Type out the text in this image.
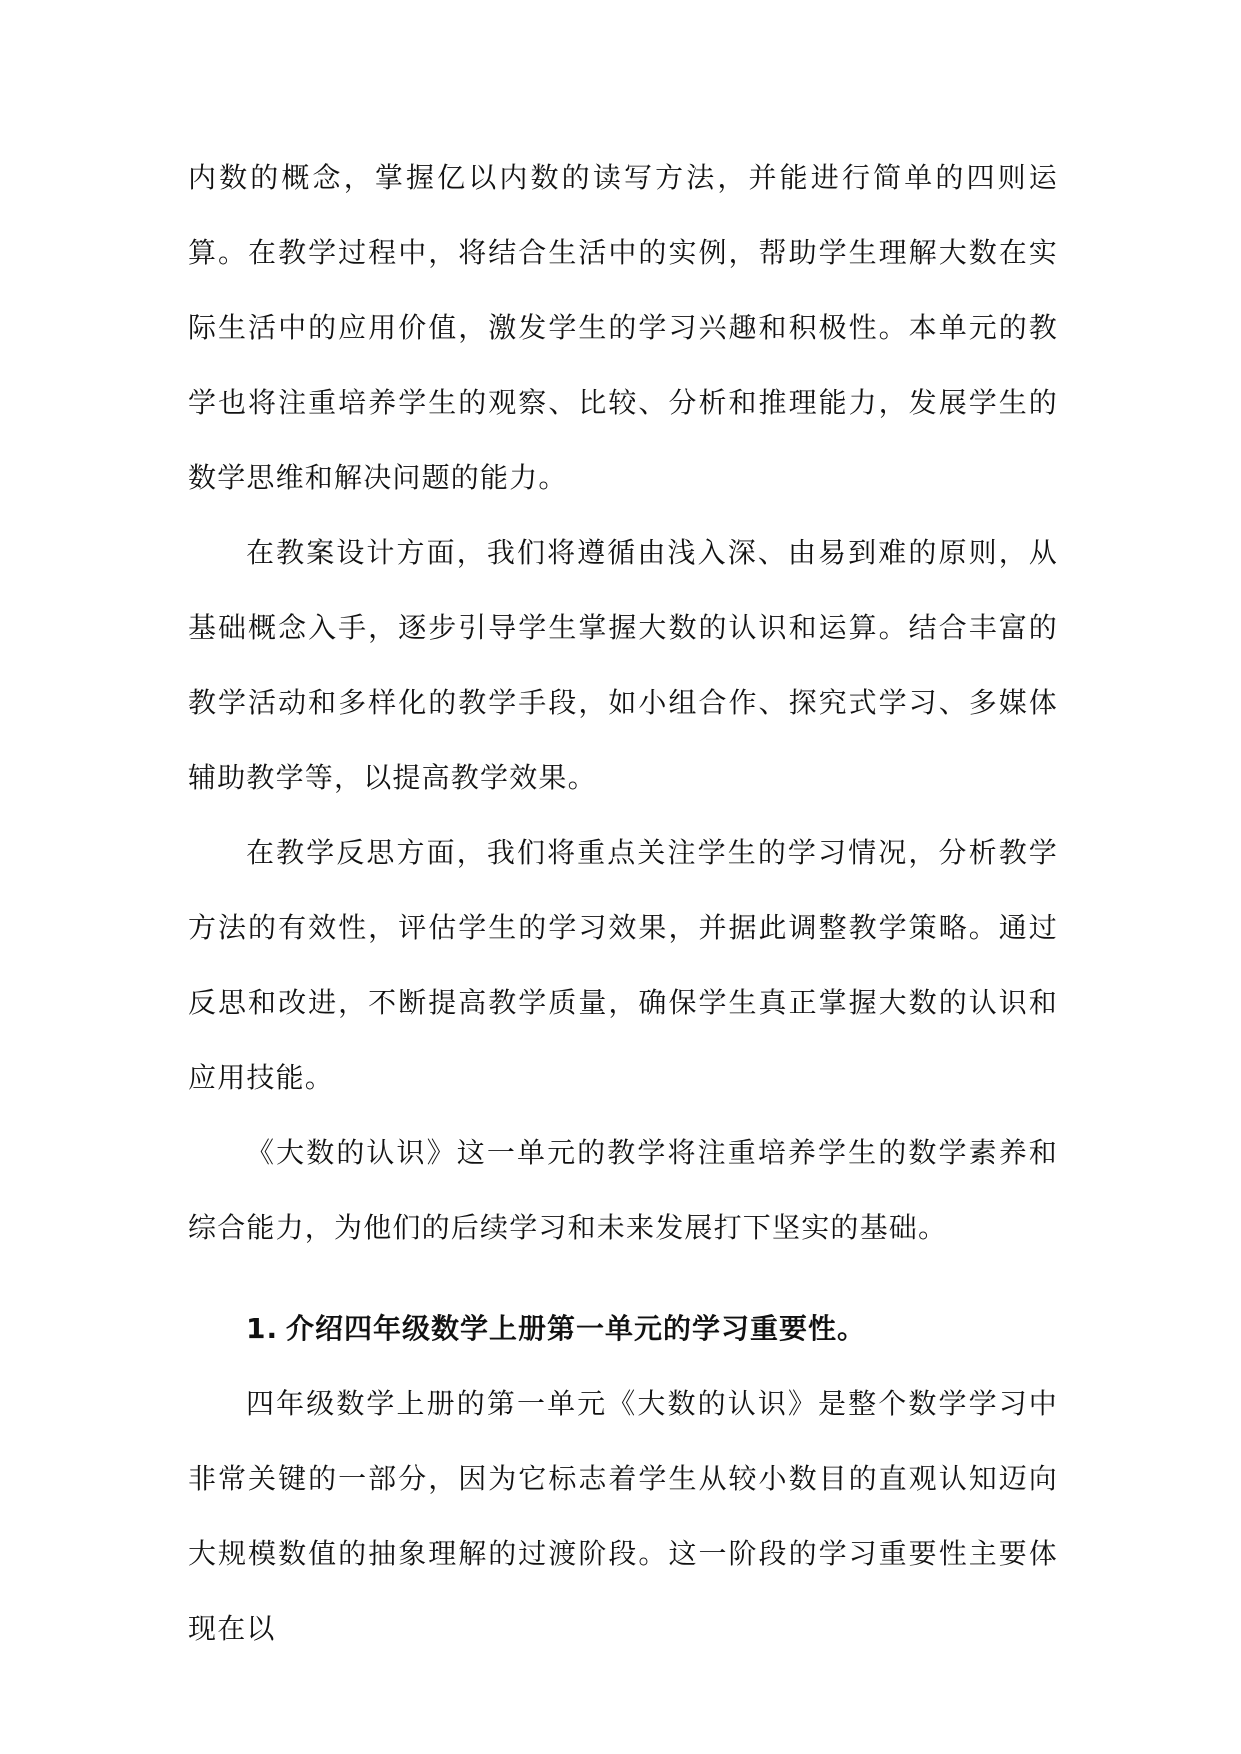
内数的概念，掌握亿以内数的读写方法，并能进行简单的四则运算。在教学过程中，将结合生活中的实例，帮助学生理解大数在实际生活中的应用价值，激发学生的学习兴趣和积极性。本单元的教学也将注重培养学生的观察、比较、分析和推理能力，发展学生的数学思维和解决问题的能力。

在教案设计方面，我们将遵循由浅入深、由易到难的原则，从基础概念入手，逐步引导学生掌握大数的认识和运算。结合丰富的教学活动和多样化的教学手段，如小组合作、探究式学习、多媒体辅助教学等，以提高教学效果。

在教学反思方面，我们将重点关注学生的学习情况，分析教学方法的有效性，评估学生的学习效果，并据此调整教学策略。通过反思和改进，不断提高教学质量，确保学生真正掌握大数的认识和应用技能。

《大数的认识》这一单元的教学将注重培养学生的数学素养和综合能力，为他们的后续学习和未来发展打下坚实的基础。

1. 介绍四年级数学上册第一单元的学习重要性。

四年级数学上册的第一单元《大数的认识》是整个数学学习中非常关键的一部分，因为它标志着学生从较小数目的直观认知迈向大规模数值的抽象理解的过渡阶段。这一阶段的学习重要性主要体现在以
